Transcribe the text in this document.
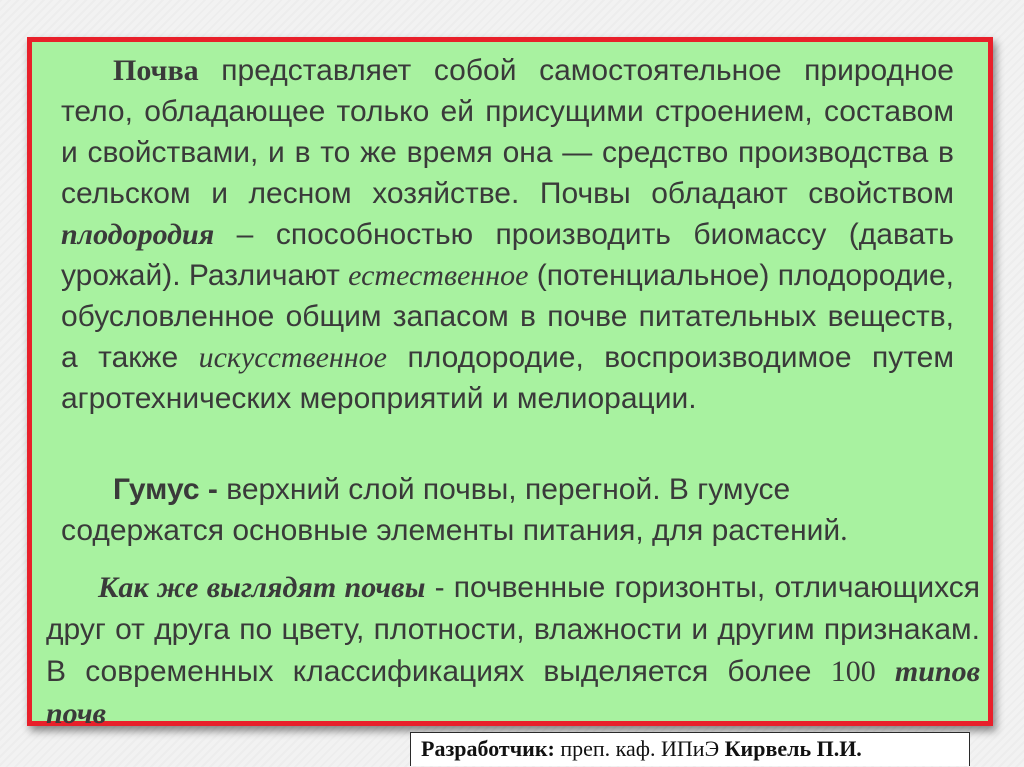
Почва представляет собой самостоятельное природное тело, обладающее только ей присущими строением, составом и свойствами, и в то же время она — средство производства в сельском и лесном хозяйстве. Почвы обладают свойством плодородия – способностью производить биомассу (давать урожай). Различают естественное (потенциальное) плодородие, обусловленное общим запасом в почве питательных веществ, а также искусственное плодородие, воспроизводимое путем агротехнических мероприятий и мелиорации.

Гумус - верхний слой почвы, перегной. В гумусе содержатся основные элементы питания, для растений.

Как же выглядят почвы - почвенные горизонты, отличающихся друг от друга по цвету, плотности, влажности и другим признакам. В современных классификациях выделяется более 100 типов почв

Разработчик: преп. каф. ИПиЭ Кирвель П.И.
